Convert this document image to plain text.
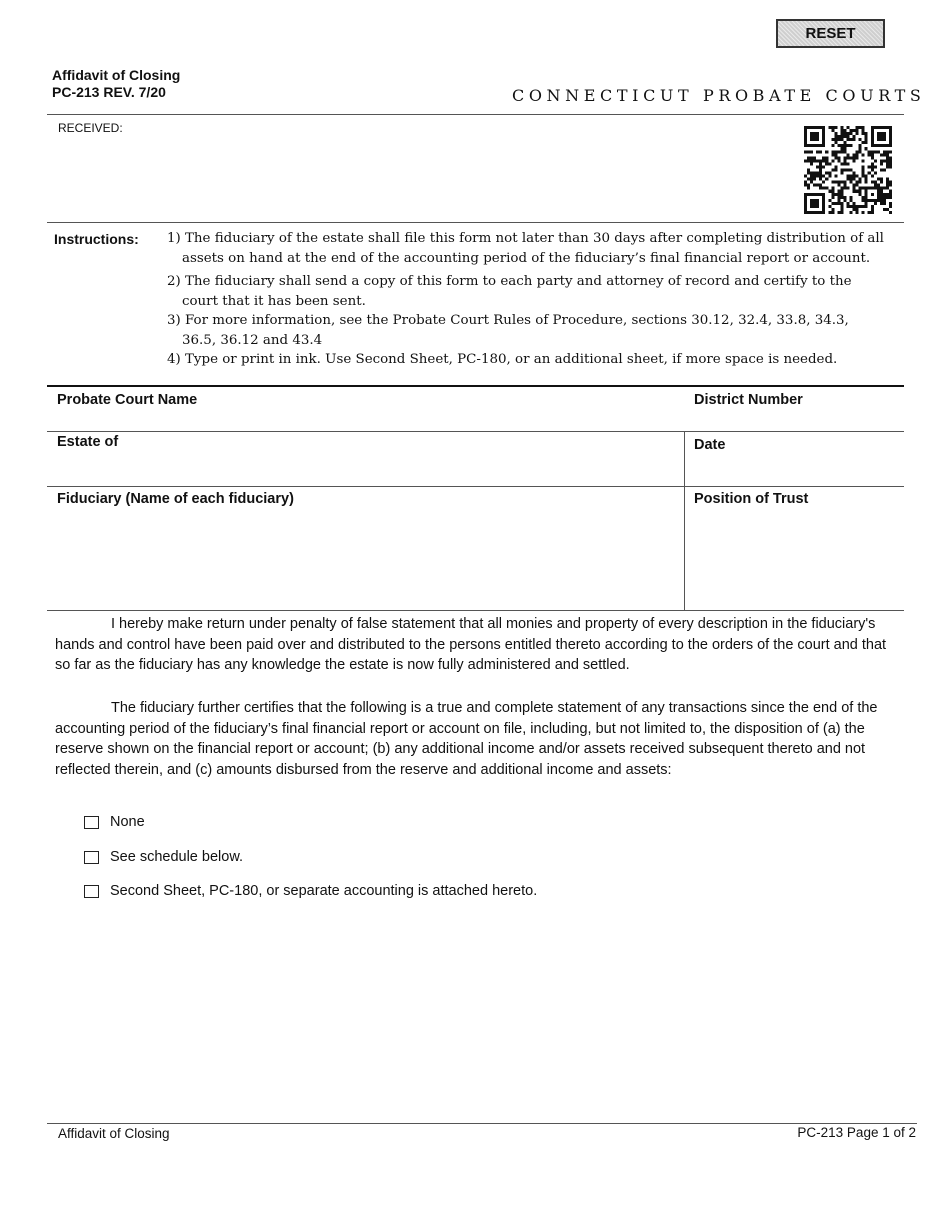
RESET
Affidavit of Closing
PC-213 REV. 7/20	CONNECTICUT PROBATE COURTS
RECEIVED:
Instructions: 1) The fiduciary of the estate shall file this form not later than 30 days after completing distribution of all assets on hand at the end of the accounting period of the fiduciary’s final financial report or account.
2) The fiduciary shall send a copy of this form to each party and attorney of record and certify to the court that it has been sent.
3) For more information, see the Probate Court Rules of Procedure, sections 30.12, 32.4, 33.8, 34.3, 36.5, 36.12 and 43.4
4) Type or print in ink. Use Second Sheet, PC-180, or an additional sheet, if more space is needed.
Probate Court Name	District Number
Estate of	Date
Fiduciary (Name of each fiduciary)	Position of Trust

I hereby make return under penalty of false statement that all monies and property of every description in the fiduciary's hands and control have been paid over and distributed to the persons entitled thereto according to the orders of the court and that so far as the fiduciary has any knowledge the estate is now fully administered and settled.

The fiduciary further certifies that the following is a true and complete statement of any transactions since the end of the accounting period of the fiduciary’s final financial report or account on file, including, but not limited to, the disposition of (a) the reserve shown on the financial report or account; (b) any additional income and/or assets received subsequent thereto and not reflected therein, and (c) amounts disbursed from the reserve and additional income and assets:

None
See schedule below.
Second Sheet, PC-180, or separate accounting is attached hereto.
Affidavit of Closing	PC-213 Page 1 of 2
